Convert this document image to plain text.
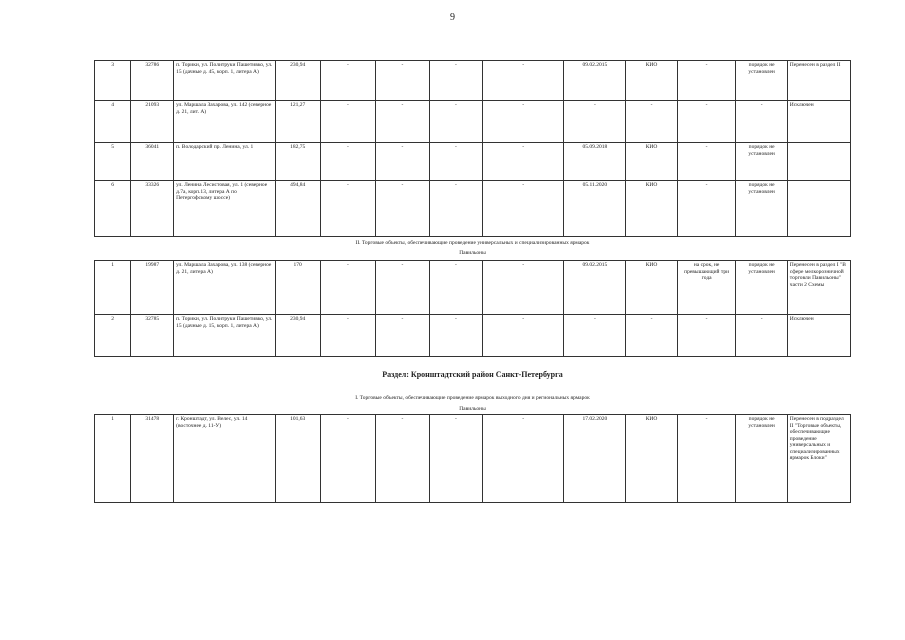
9
3	32786	п. Торики, ул. Политруки Пашетивко, ул. 15 (дачные д. 45, корп. 1, литера А)	230,94	-	-	-	-	09.02.2015	КИО	-	порядок не установлен	Перенесен в раздел II
4	21093	ул. Маршала Захарова, ул. 142 (северное д. 21, лит. А)	121,27	-	-	-	-	-	-	-	-	Исключен
5	36041	п. Володарский пр. Ленина, ул. 1	182,75	-	-	-	-	05.09.2018	КИО	-	порядок не установлен	
6	33326	ул. Ленина Лесистовая, ул. 1 (северное д.7а, корп.13, литера А по Петергофскому шоссе)	494,84	-	-	-	-	05.11.2020	КИО	-	порядок не установлен	
II. Торговые объекты, обеспечивающие проведение универсальных и специализированных ярмарок
Павильоны
1	19987	ул. Маршала Захарова, ул. 138 (северное д. 21, литера А)	170	-	-	-	-	09.02.2015	КИО	на срок, не превышающий три года	порядок не установлен	Перенесен в раздел I "В сфере мелкорозничной торговли Павильоны" части 2 Схемы
2	32785	п. Торики, ул. Политруки Пашетивко, ул. 15 (дачные д. 15, корп. 1, литера А)	230,94	-	-	-	-	-	-	-	-	Исключен
Раздел: Кронштадтский район Санкт-Петербурга
I. Торговые объекты, обеспечивающие проведение ярмарок выходного дня и региональных ярмарок
Павильоны
1	31478	г. Кронштадт, ул. Велес, ул. 14 (восточнее д. 11-У)	101,63	-	-	-	-	17.02.2020	КИО	-	порядок не установлен	Перенесен в подраздел II "Торговые объекты, обеспечивающие проведение универсальных и специализированных ярмарок Блоки"
